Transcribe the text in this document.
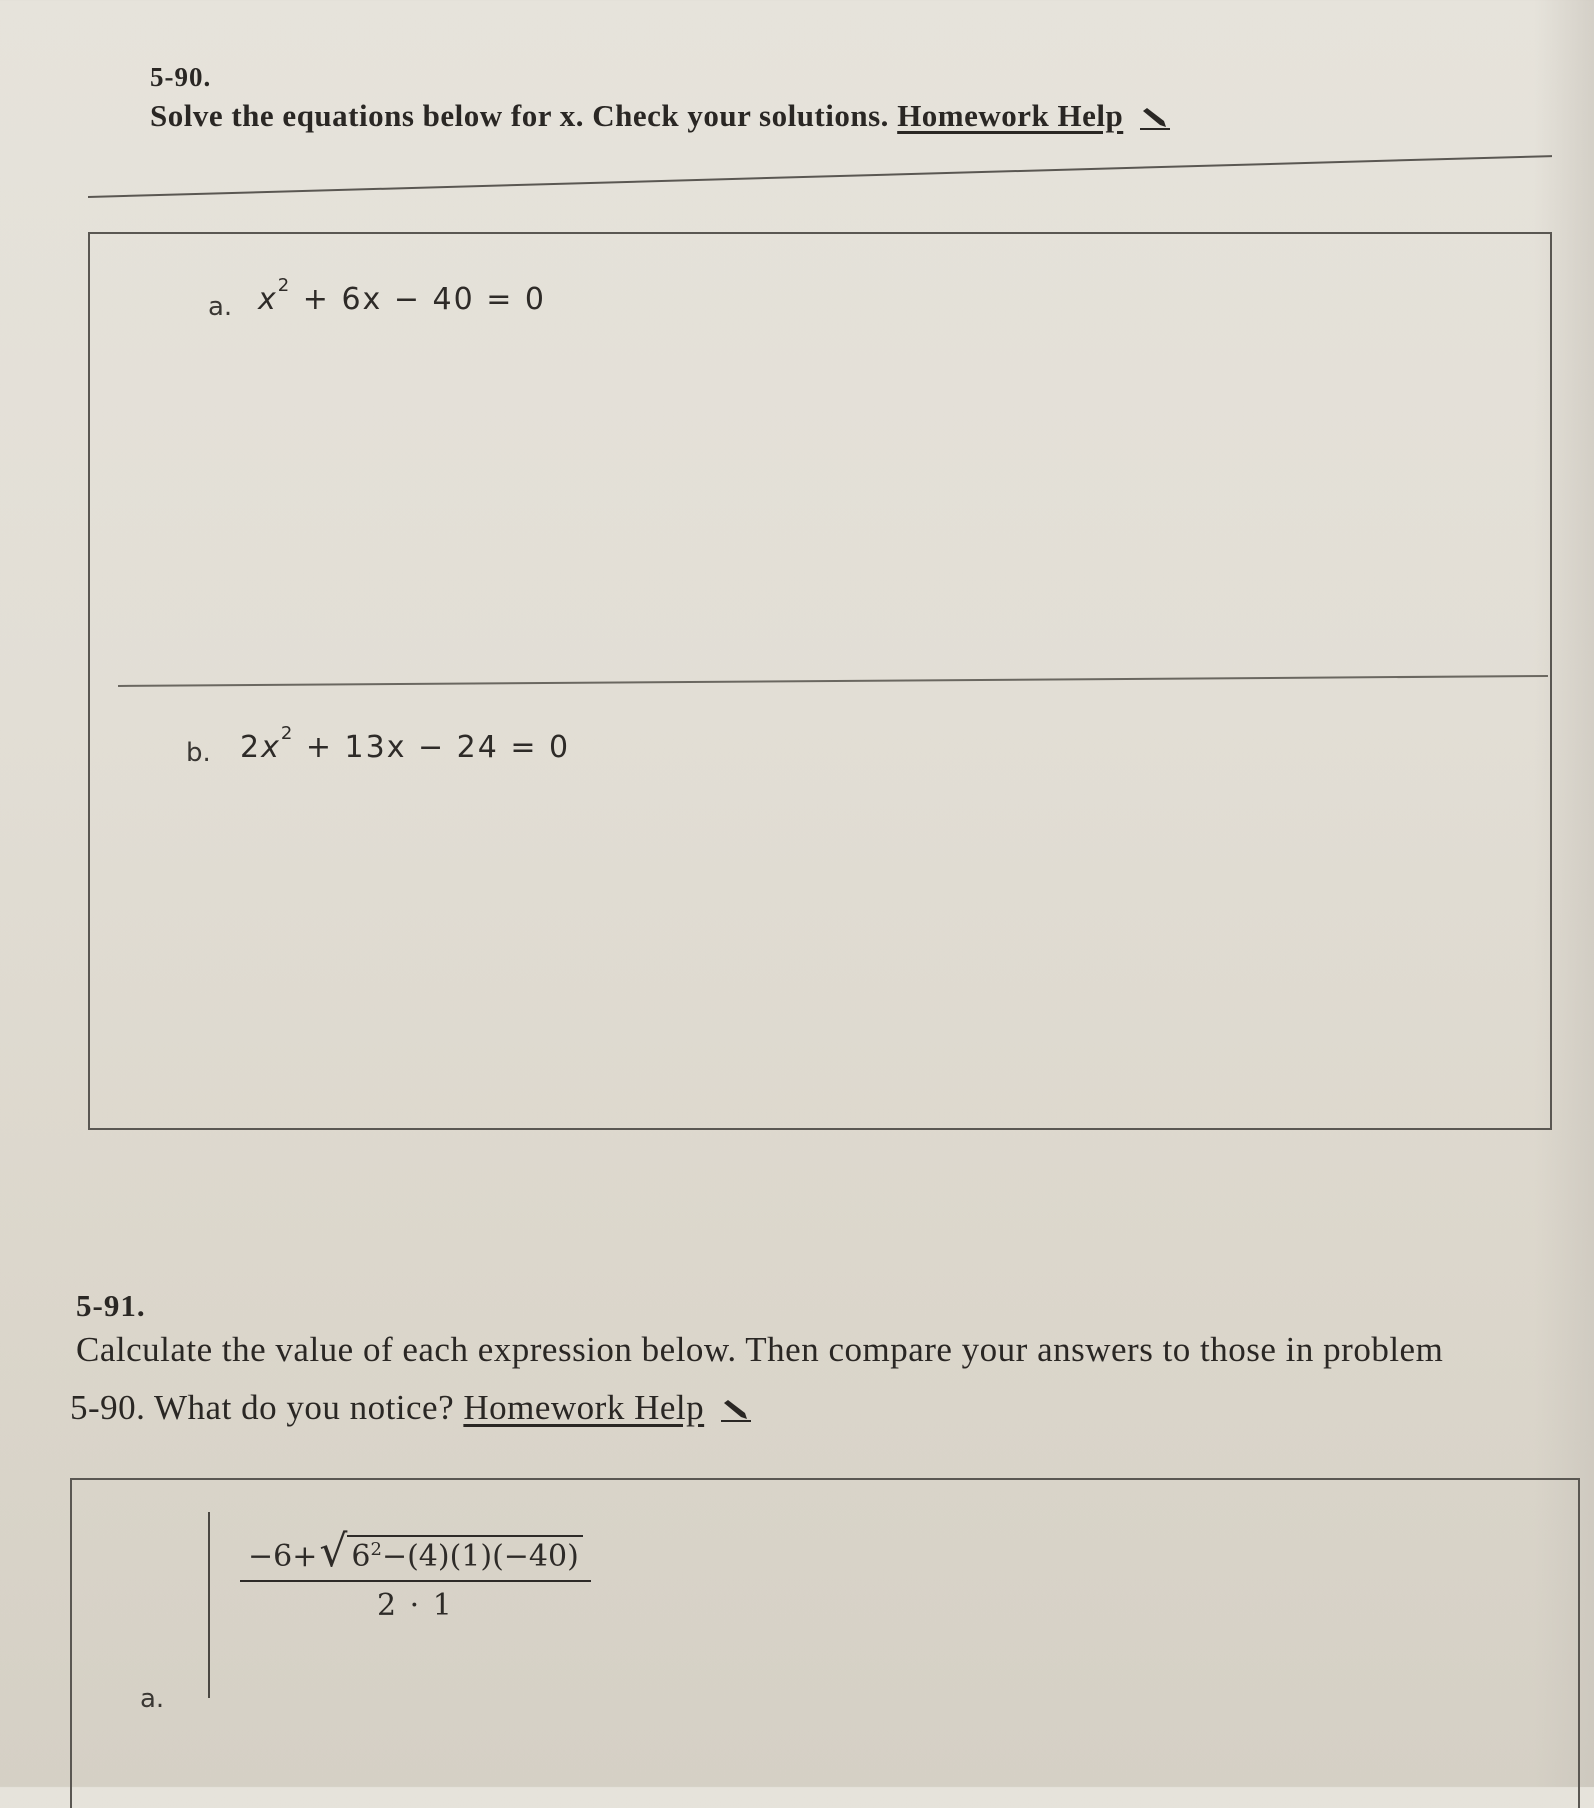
5-90.
Solve the equations below for x. Check your solutions. Homework Help
a. $x^2 + 6x - 40 = 0$
b. $2x^2 + 13x - 24 = 0$
5-91.
Calculate the value of each expression below. Then compare your answers to those in problem
5-90. What do you notice? Homework Help
a.
−6+ √ $6^2-(4)(1)(-40)$
2 · 1
